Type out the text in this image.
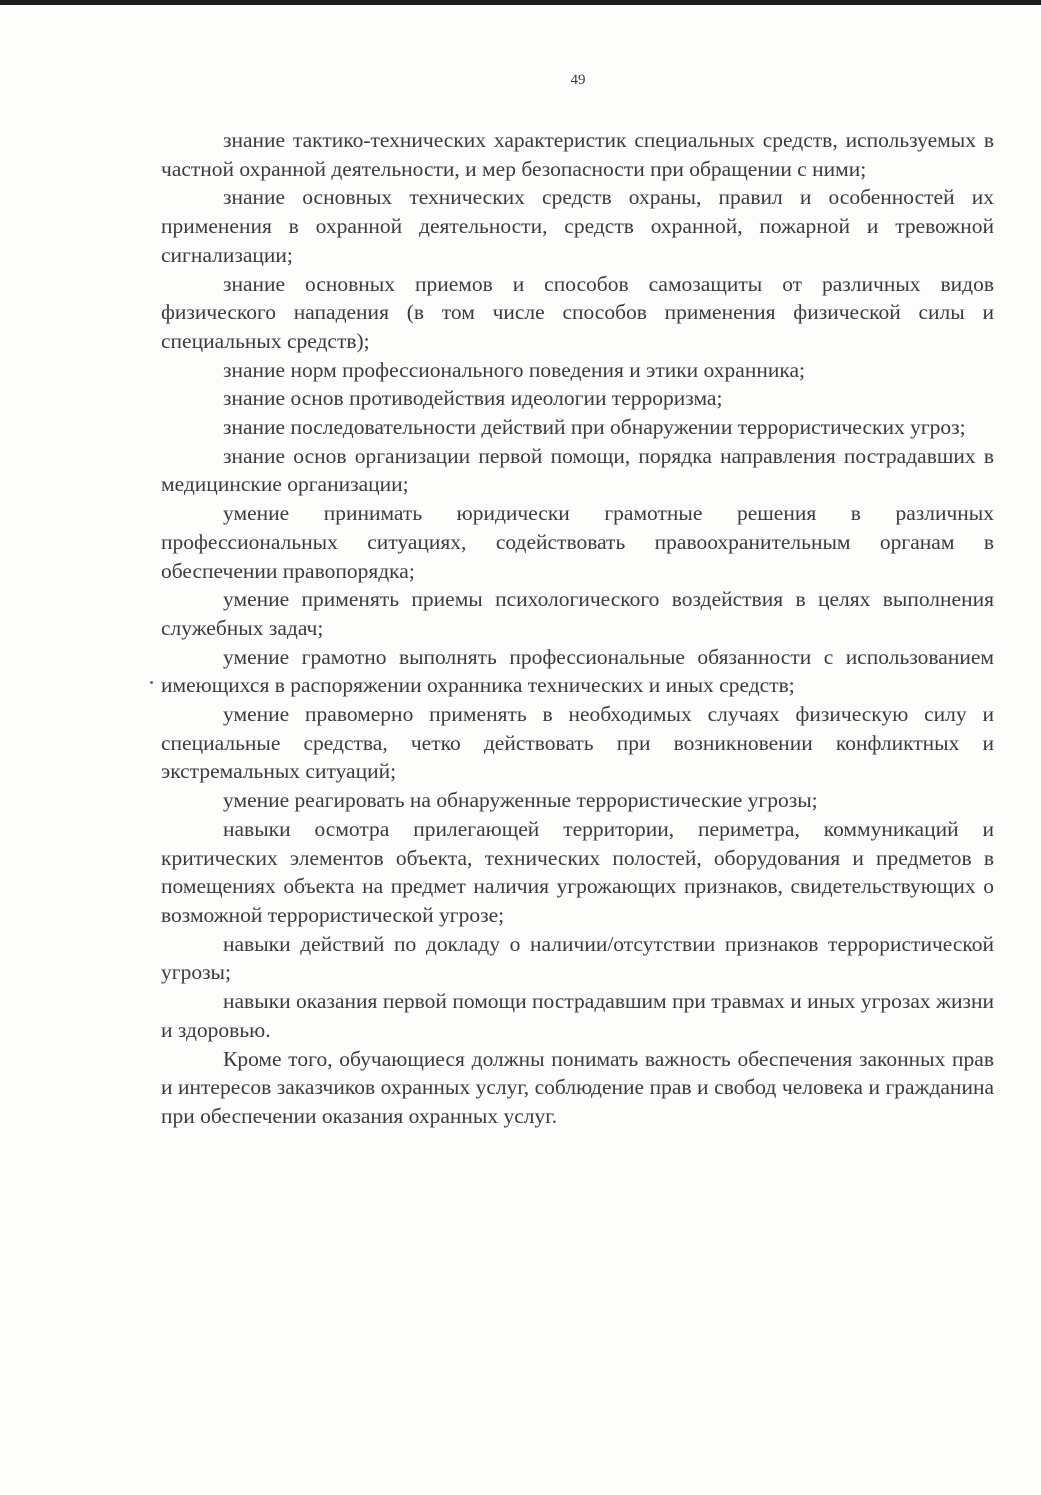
49

знание тактико-технических характеристик специальных средств, используемых в частной охранной деятельности, и мер безопасности при обращении с ними;

знание основных технических средств охраны, правил и особенностей их применения в охранной деятельности, средств охранной, пожарной и тревожной сигнализации;

знание основных приемов и способов самозащиты от различных видов физического нападения (в том числе способов применения физической силы и специальных средств);

знание норм профессионального поведения и этики охранника;

знание основ противодействия идеологии терроризма;

знание последовательности действий при обнаружении террористических угроз;

знание основ организации первой помощи, порядка направления пострадавших в медицинские организации;

умение принимать юридически грамотные решения в различных профессиональных ситуациях, содействовать правоохранительным органам в обеспечении правопорядка;

умение применять приемы психологического воздействия в целях выполнения служебных задач;

умение грамотно выполнять профессиональные обязанности с использованием имеющихся в распоряжении охранника технических и иных средств;

умение правомерно применять в необходимых случаях физическую силу и специальные средства, четко действовать при возникновении конфликтных и экстремальных ситуаций;

умение реагировать на обнаруженные террористические угрозы;

навыки осмотра прилегающей территории, периметра, коммуникаций и критических элементов объекта, технических полостей, оборудования и предметов в помещениях объекта на предмет наличия угрожающих признаков, свидетельствующих о возможной террористической угрозе;

навыки действий по докладу о наличии/отсутствии признаков террористической угрозы;

навыки оказания первой помощи пострадавшим при травмах и иных угрозах жизни и здоровью.

Кроме того, обучающиеся должны понимать важность обеспечения законных прав и интересов заказчиков охранных услуг, соблюдение прав и свобод человека и гражданина при обеспечении оказания охранных услуг.
